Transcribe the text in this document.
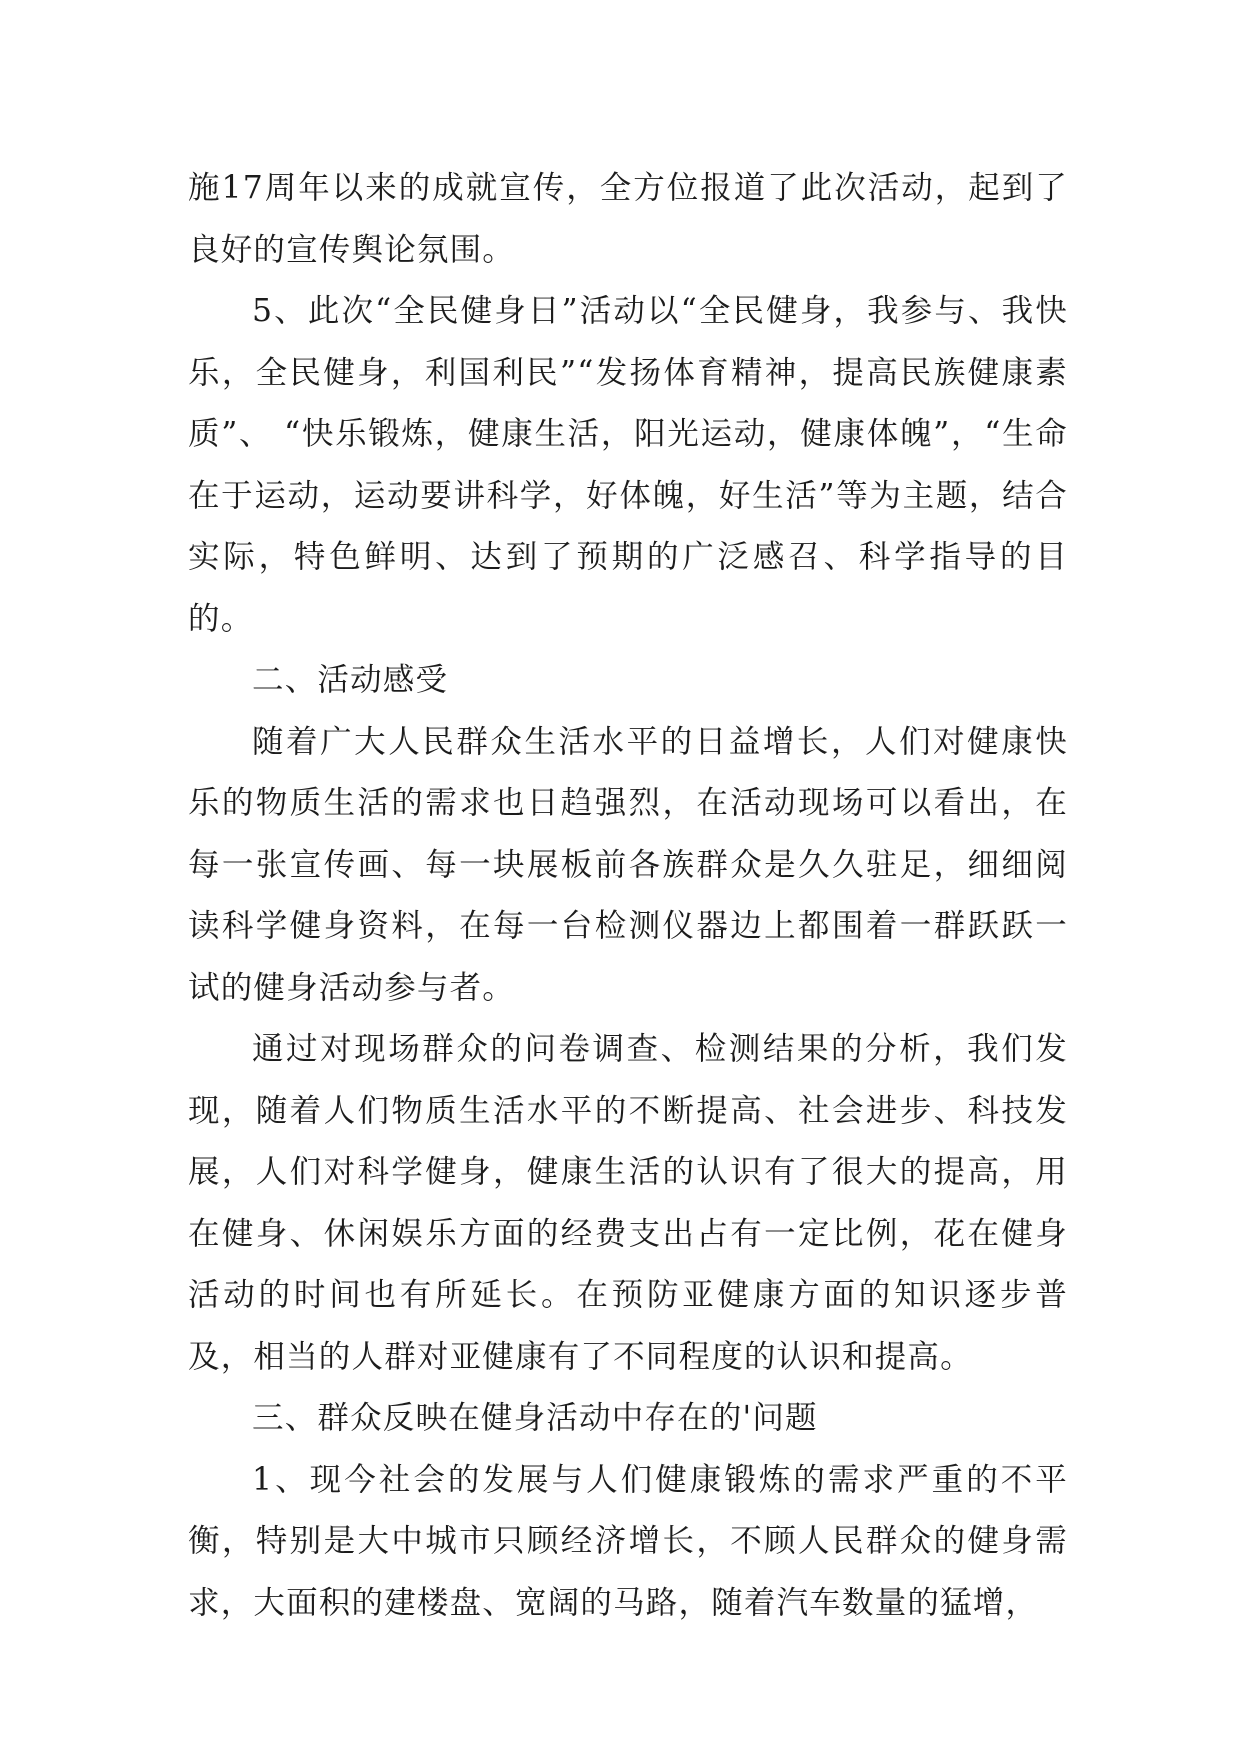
施17周年以来的成就宣传，全方位报道了此次活动，起到了良好的宣传舆论氛围。

5、此次“全民健身日”活动以“全民健身，我参与、我快乐，全民健身，利国利民”“发扬体育精神，提高民族健康素质”、 “快乐锻炼，健康生活，阳光运动，健康体魄”，“生命在于运动，运动要讲科学，好体魄，好生活”等为主题，结合实际，特色鲜明、达到了预期的广泛感召、科学指导的目的。

二、活动感受

随着广大人民群众生活水平的日益增长，人们对健康快乐的物质生活的需求也日趋强烈，在活动现场可以看出，在每一张宣传画、每一块展板前各族群众是久久驻足，细细阅读科学健身资料，在每一台检测仪器边上都围着一群跃跃一试的健身活动参与者。

通过对现场群众的问卷调查、检测结果的分析，我们发现，随着人们物质生活水平的不断提高、社会进步、科技发展，人们对科学健身，健康生活的认识有了很大的提高，用在健身、休闲娱乐方面的经费支出占有一定比例，花在健身活动的时间也有所延长。在预防亚健康方面的知识逐步普及，相当的人群对亚健康有了不同程度的认识和提高。

三、群众反映在健身活动中存在的'问题

1、现今社会的发展与人们健康锻炼的需求严重的不平衡，特别是大中城市只顾经济增长，不顾人民群众的健身需求，大面积的建楼盘、宽阔的马路，随着汽车数量的猛增，
